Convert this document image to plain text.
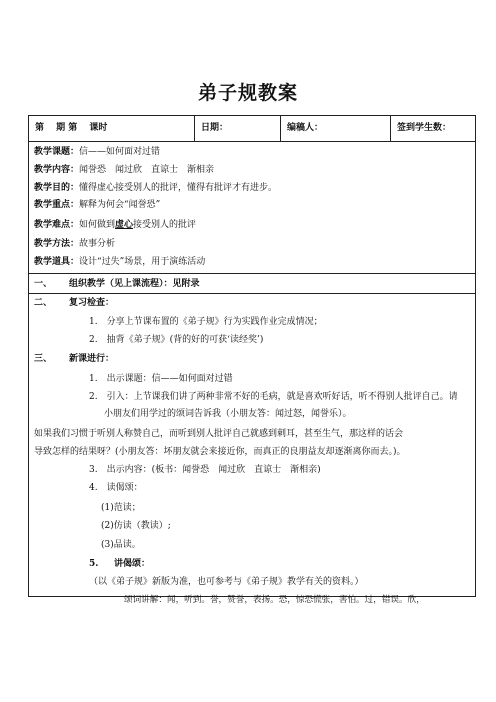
弟子规教案
第　 期 第　 课时	日期：	编稿人：	签到学生数：
教学课题：信——如何面对过错
教学内容：闻誉恐　闻过欣　直谅士　渐相亲
教学目的：懂得虚心接受别人的批评，懂得有批评才有进步。
教学重点：解释为何会“闻誉恐”
教学难点：如何做到虚心接受别人的批评
教学方法：故事分析
教学道具：设计“过失”场景，用于演练活动
一、 组织教学（见上课流程）：见附录
二、 复习检查：
1.　分享上节课布置的《弟子规》行为实践作业完成情况；
2.　抽背《弟子规》(背的好的可获‘读经奖’)
三、 新课进行：
1.　出示课题：信——如何面对过错
2.　引入：上节课我们讲了两种非常不好的毛病，就是喜欢听好话，听不得别人批评自己。请
小朋友们用学过的颂词告诉我（小朋友答：闻过怒，闻誉乐）。
如果我们习惯于听别人称赞自己，而听到别人批评自己就感到刺耳，甚至生气，那这样的话会
导致怎样的结果呀？(小朋友答：坏朋友就会来接近你，而真正的良朋益友却逐渐离你而去。)。
3.　出示内容：(板书：闻誉恐　闻过欣　直谅士　渐相亲)
4.　读偈颂：
(1)范读；
(2)仿读（教读）;
(3)品读。
5. 讲偈颂：
（以《弟子规》新版为准，也可参考与《弟子规》教学有关的资料。）
颂词讲解：闻，听到。誉，赞誉，表扬。恐，惊恐慌张，害怕。过，错误。欣，
